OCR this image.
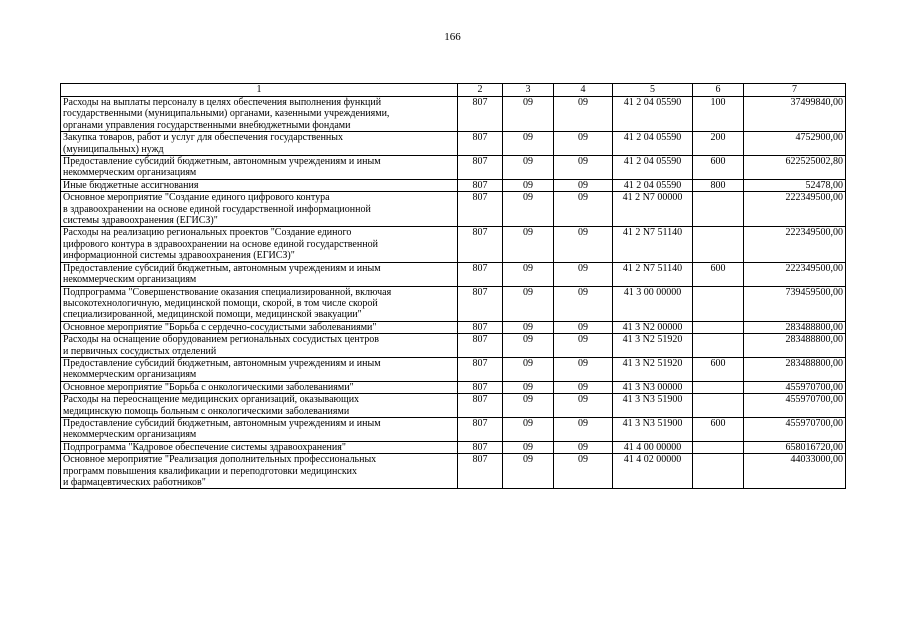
166
1	2	3	4	5	6	7

Расходы на выплаты персоналу в целях обеспечения выполнения функций
государственными (муниципальными) органами, казенными учреждениями,
органами управления государственными внебюджетными фондами	807	09	09	41 2 04 05590	100	37499840,00

Закупка товаров, работ и услуг для обеспечения государственных
(муниципальных) нужд	807	09	09	41 2 04 05590	200	4752900,00

Предоставление субсидий бюджетным, автономным учреждениям и иным
некоммерческим организациям	807	09	09	41 2 04 05590	600	622525002,80

Иные бюджетные ассигнования	807	09	09	41 2 04 05590	800	52478,00

Основное мероприятие "Создание единого цифрового контура
в здравоохранении на основе единой государственной информационной
системы здравоохранения (ЕГИСЗ)"	807	09	09	41 2 N7 00000		222349500,00

Расходы на реализацию региональных проектов "Создание единого
цифрового контура в здравоохранении на основе единой государственной
информационной системы здравоохранения (ЕГИСЗ)"	807	09	09	41 2 N7 51140		222349500,00

Предоставление субсидий бюджетным, автономным учреждениям и иным
некоммерческим организациям	807	09	09	41 2 N7 51140	600	222349500,00

Подпрограмма "Совершенствование оказания специализированной, включая
высокотехнологичную, медицинской помощи, скорой, в том числе скорой
специализированной, медицинской помощи, медицинской эвакуации"	807	09	09	41 3 00 00000		739459500,00

Основное мероприятие "Борьба с сердечно-сосудистыми заболеваниями"	807	09	09	41 3 N2 00000		283488800,00

Расходы на оснащение оборудованием региональных сосудистых центров
и первичных сосудистых отделений	807	09	09	41 3 N2 51920		283488800,00

Предоставление субсидий бюджетным, автономным учреждениям и иным
некоммерческим организациям	807	09	09	41 3 N2 51920	600	283488800,00

Основное мероприятие "Борьба с онкологическими заболеваниями"	807	09	09	41 3 N3 00000		455970700,00

Расходы на переоснащение медицинских организаций, оказывающих
медицинскую помощь больным с онкологическими заболеваниями	807	09	09	41 3 N3 51900		455970700,00

Предоставление субсидий бюджетным, автономным учреждениям и иным
некоммерческим организациям	807	09	09	41 3 N3 51900	600	455970700,00

Подпрограмма "Кадровое обеспечение системы здравоохранения"	807	09	09	41 4 00 00000		658016720,00

Основное мероприятие "Реализация дополнительных профессиональных
программ повышения квалификации и переподготовки медицинских
и фармацевтических работников"	807	09	09	41 4 02 00000		44033000,00
